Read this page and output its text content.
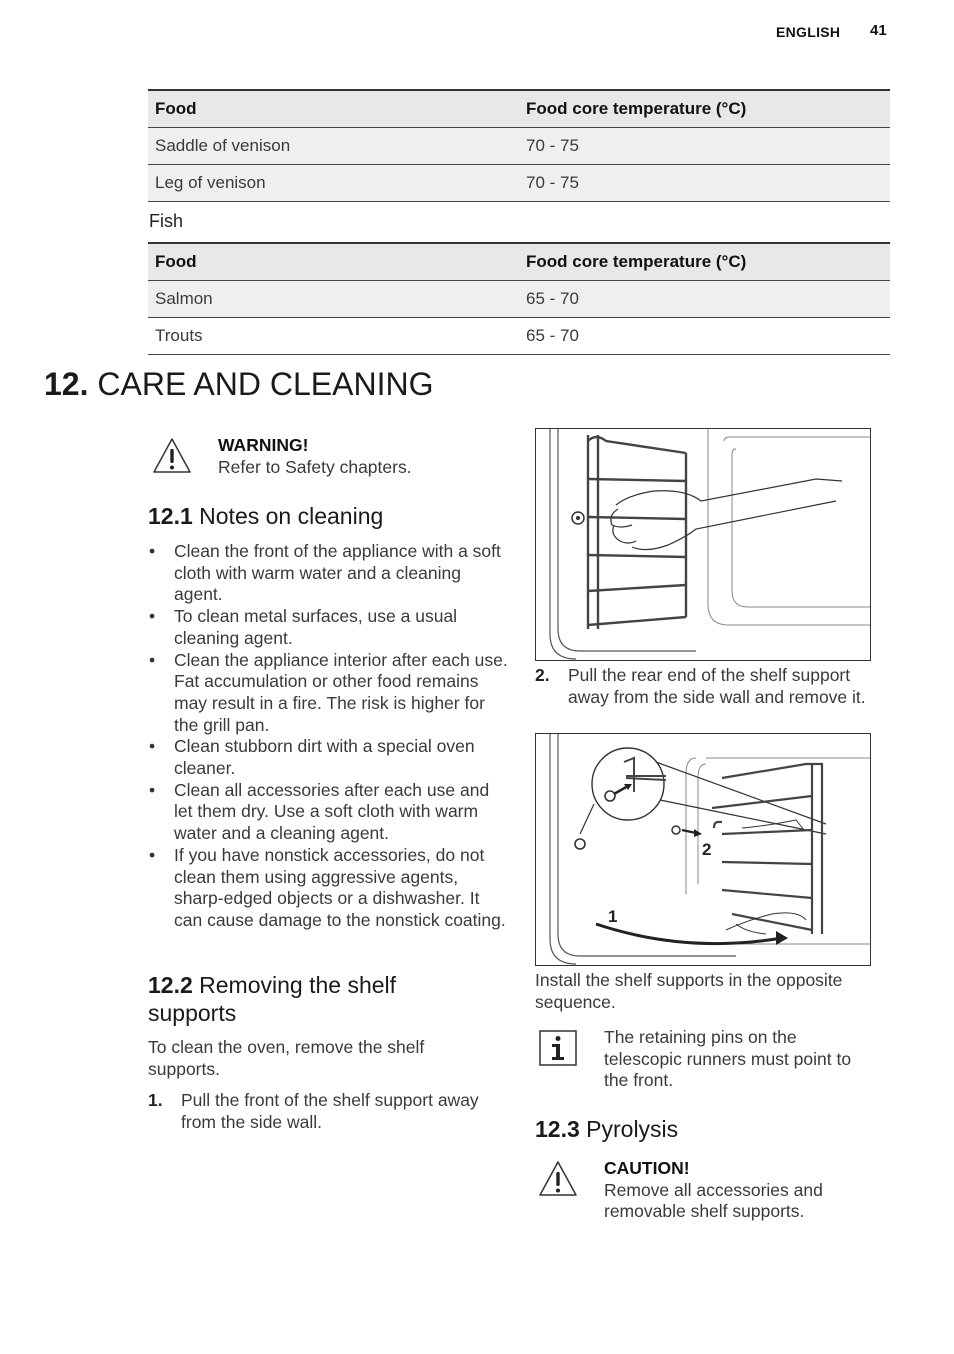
ENGLISH 41
Food	Food core temperature (°C)
Saddle of venison	70 - 75
Leg of venison	70 - 75
Fish
Food	Food core temperature (°C)
Salmon	65 - 70
Trouts	65 - 70
12. CARE AND CLEANING
WARNING!
Refer to Safety chapters.
12.1 Notes on cleaning
• Clean the front of the appliance with a soft cloth with warm water and a cleaning agent.
• To clean metal surfaces, use a usual cleaning agent.
• Clean the appliance interior after each use. Fat accumulation or other food remains may result in a fire. The risk is higher for the grill pan.
• Clean stubborn dirt with a special oven cleaner.
• Clean all accessories after each use and let them dry. Use a soft cloth with warm water and a cleaning agent.
• If you have nonstick accessories, do not clean them using aggressive agents, sharp-edged objects or a dishwasher. It can cause damage to the nonstick coating.
12.2 Removing the shelf
supports
To clean the oven, remove the shelf supports.
1. Pull the front of the shelf support away from the side wall.
2. Pull the rear end of the shelf support away from the side wall and remove it.
2
1
Install the shelf supports in the opposite sequence.
The retaining pins on the telescopic runners must point to the front.
12.3 Pyrolysis
CAUTION!
Remove all accessories and removable shelf supports.
